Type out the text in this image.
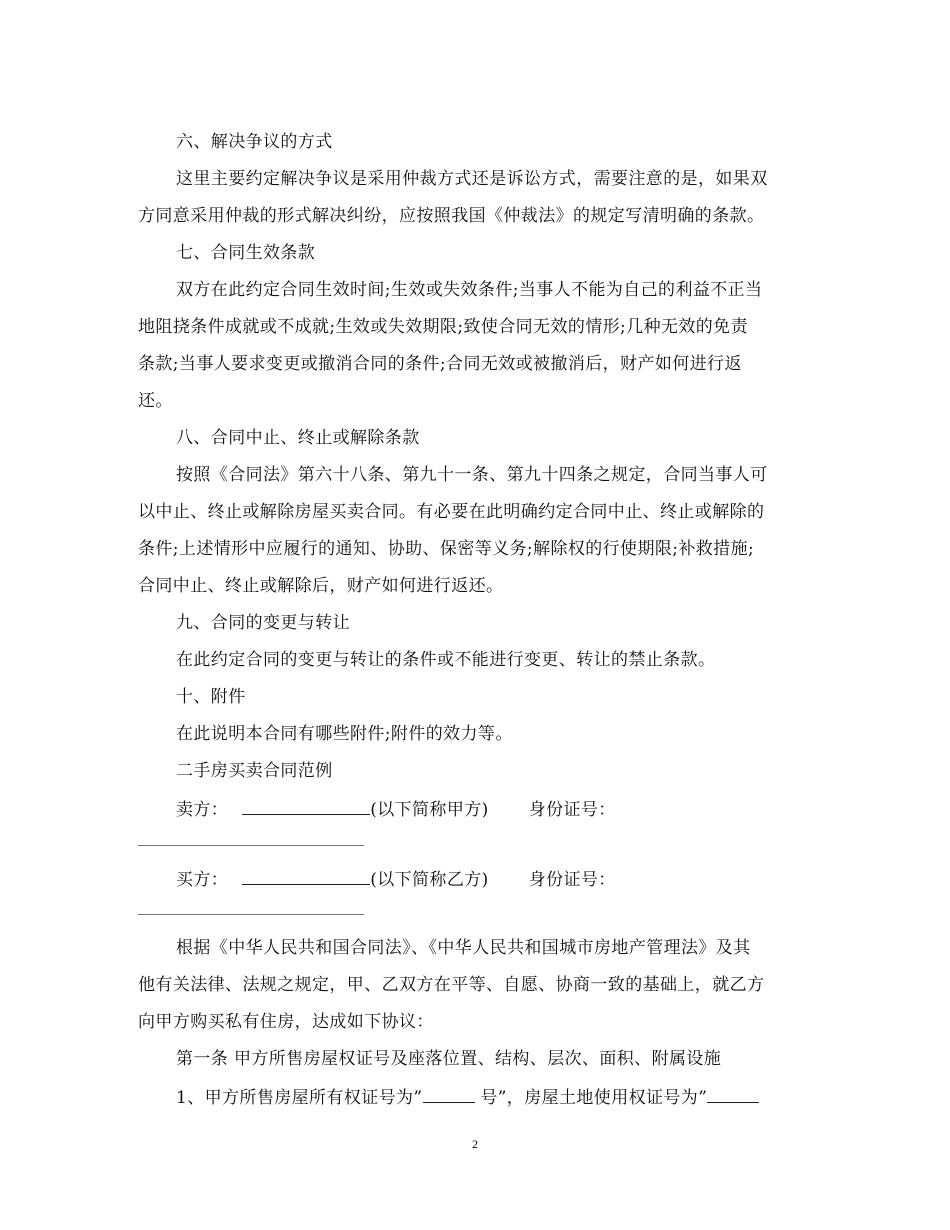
六、解决争议的方式
这里主要约定解决争议是采用仲裁方式还是诉讼方式，需要注意的是，如果双
方同意采用仲裁的形式解决纠纷，应按照我国《仲裁法》的规定写清明确的条款。
七、合同生效条款
双方在此约定合同生效时间;生效或失效条件;当事人不能为自己的利益不正当
地阻挠条件成就或不成就;生效或失效期限;致使合同无效的情形;几种无效的免责
条款;当事人要求变更或撤消合同的条件;合同无效或被撤消后，财产如何进行返
还。
八、合同中止、终止或解除条款
按照《合同法》第六十八条、第九十一条、第九十四条之规定，合同当事人可
以中止、终止或解除房屋买卖合同。有必要在此明确约定合同中止、终止或解除的
条件;上述情形中应履行的通知、协助、保密等义务;解除权的行使期限;补救措施;
合同中止、终止或解除后，财产如何进行返还。
九、合同的变更与转让
在此约定合同的变更与转让的条件或不能进行变更、转让的禁止条款。
十、附件
在此说明本合同有哪些附件;附件的效力等。
二手房买卖合同范例
卖方：	(以下简称甲方) 身份证号：
买方：	(以下简称乙方) 身份证号：
根据《中华人民共和国合同法》、《中华人民共和国城市房地产管理法》及其
他有关法律、法规之规定，甲、乙双方在平等、自愿、协商一致的基础上，就乙方
向甲方购买私有住房，达成如下协议：
第一条 甲方所售房屋权证号及座落位置、结构、层次、面积、附属设施
1、甲方所售房屋所有权证号为”	号”，房屋土地使用权证号为”
2
